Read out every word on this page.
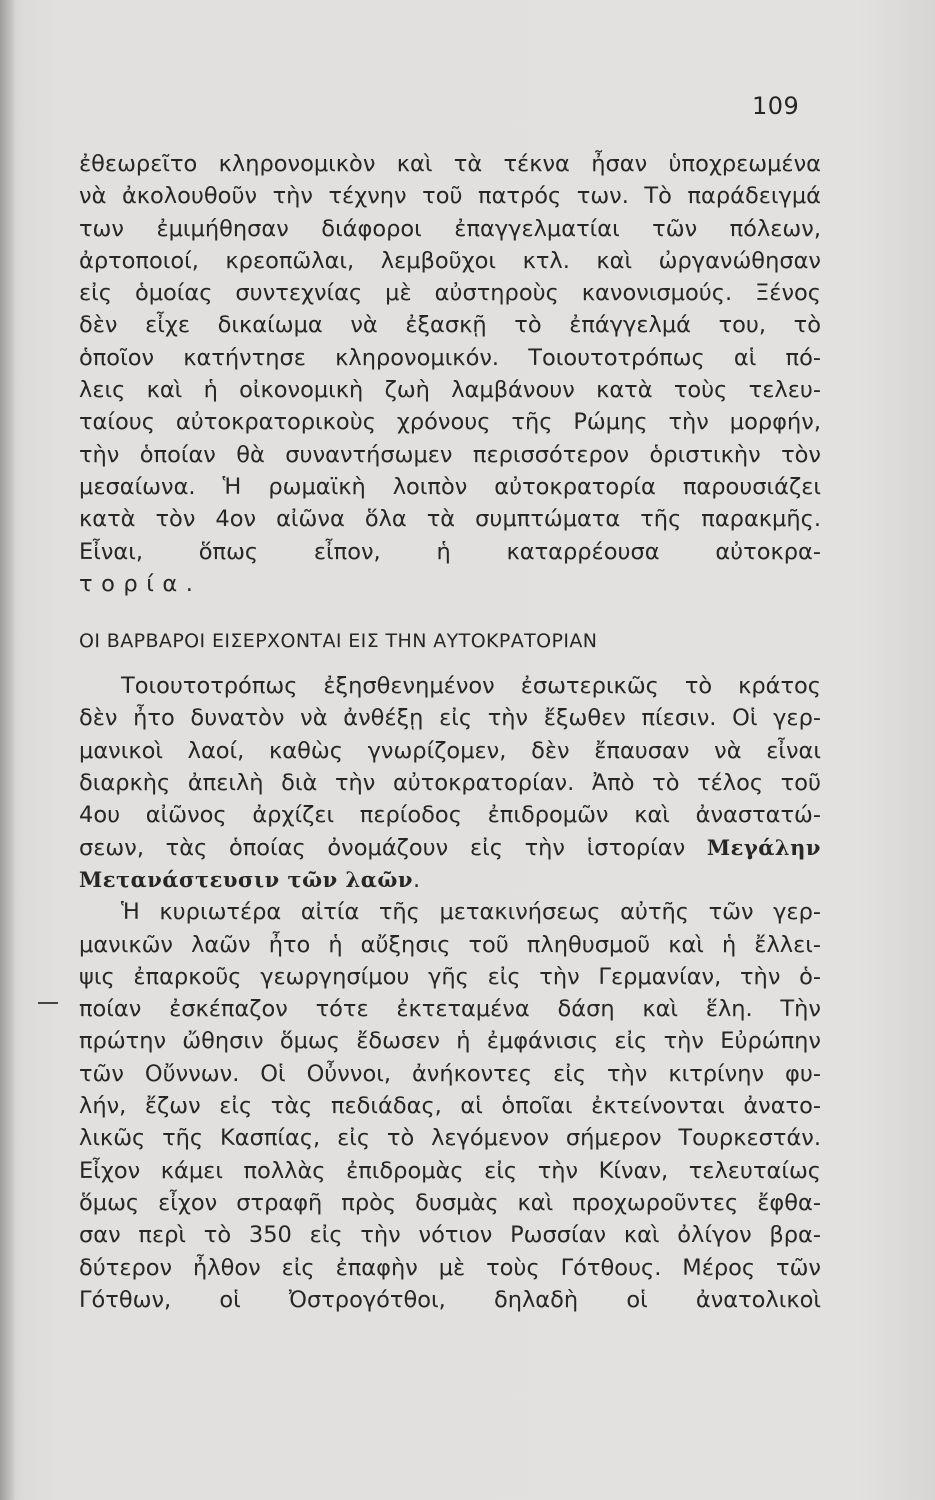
109
ἐθεωρεῖτο κληρονομικὸν καὶ τὰ τέκνα ἦσαν ὑποχρεωμένα
νὰ ἀκολουθοῦν τὴν τέχνην τοῦ πατρός των. Τὸ παράδειγμά
των ἐμιμήθησαν διάφοροι ἐπαγγελματίαι τῶν πόλεων,
ἀρτοποιοί, κρεοπῶλαι, λεμβοῦχοι κτλ. καὶ ὠργανώθησαν
εἰς ὁμοίας συντεχνίας μὲ αὐστηροὺς κανονισμούς. Ξένος
δὲν εἶχε δικαίωμα νὰ ἐξασκῇ τὸ ἐπάγγελμά του, τὸ
ὁποῖον κατήντησε κληρονομικόν. Τοιουτοτρόπως αἱ πό-
λεις καὶ ἡ οἰκονομικὴ ζωὴ λαμβάνουν κατὰ τοὺς τελευ-
ταίους αὐτοκρατορικοὺς χρόνους τῆς Ρώμης τὴν μορφήν,
τὴν ὁποίαν θὰ συναντήσωμεν περισσότερον ὁριστικὴν τὸν
μεσαίωνα. Ἡ ρωμαϊκὴ λοιπὸν αὐτοκρατορία παρουσιάζει
κατὰ τὸν 4ον αἰῶνα ὅλα τὰ συμπτώματα τῆς παρακμῆς.
Εἶναι, ὅπως εἶπον, ἡ καταρρέουσα αὐτοκρα-
τορία.
ΟΙ ΒΑΡΒΑΡΟΙ ΕΙΣΕΡΧΟΝΤΑΙ ΕΙΣ ΤΗΝ ΑΥΤΟΚΡΑΤΟΡΙΑΝ
Τοιουτοτρόπως ἐξησθενημένον ἐσωτερικῶς τὸ κράτος
δὲν ἦτο δυνατὸν νὰ ἀνθέξῃ εἰς τὴν ἔξωθεν πίεσιν. Οἱ γερ-
μανικοὶ λαοί, καθὼς γνωρίζομεν, δὲν ἔπαυσαν νὰ εἶναι
διαρκὴς ἀπειλὴ διὰ τὴν αὐτοκρατορίαν. Ἀπὸ τὸ τέλος τοῦ
4ου αἰῶνος ἀρχίζει περίοδος ἐπιδρομῶν καὶ ἀναστατώ-
σεων, τὰς ὁποίας ὀνομάζουν εἰς τὴν ἱστορίαν Μεγάλην
Μετανάστευσιν τῶν λαῶν.
Ἡ κυριωτέρα αἰτία τῆς μετακινήσεως αὐτῆς τῶν γερ-
μανικῶν λαῶν ἦτο ἡ αὔξησις τοῦ πληθυσμοῦ καὶ ἡ ἔλλει-
ψις ἐπαρκοῦς γεωργησίμου γῆς εἰς τὴν Γερμανίαν, τὴν ὁ-
ποίαν ἐσκέπαζον τότε ἐκτεταμένα δάση καὶ ἕλη. Τὴν
πρώτην ὤθησιν ὅμως ἔδωσεν ἡ ἐμφάνισις εἰς τὴν Εὐρώπην
τῶν Οὔννων. Οἱ Οὖννοι, ἀνήκοντες εἰς τὴν κιτρίνην φυ-
λήν, ἔζων εἰς τὰς πεδιάδας, αἱ ὁποῖαι ἐκτείνονται ἀνατο-
λικῶς τῆς Κασπίας, εἰς τὸ λεγόμενον σήμερον Τουρκεστάν.
Εἶχον κάμει πολλὰς ἐπιδρομὰς εἰς τὴν Κίναν, τελευταίως
ὅμως εἶχον στραφῆ πρὸς δυσμὰς καὶ προχωροῦντες ἔφθα-
σαν περὶ τὸ 350 εἰς τὴν νότιον Ρωσσίαν καὶ ὀλίγον βρα-
δύτερον ἦλθον εἰς ἐπαφὴν μὲ τοὺς Γότθους. Μέρος τῶν
Γότθων, οἱ Ὀστρογότθοι, δηλαδὴ οἱ ἀνατολικοὶ
